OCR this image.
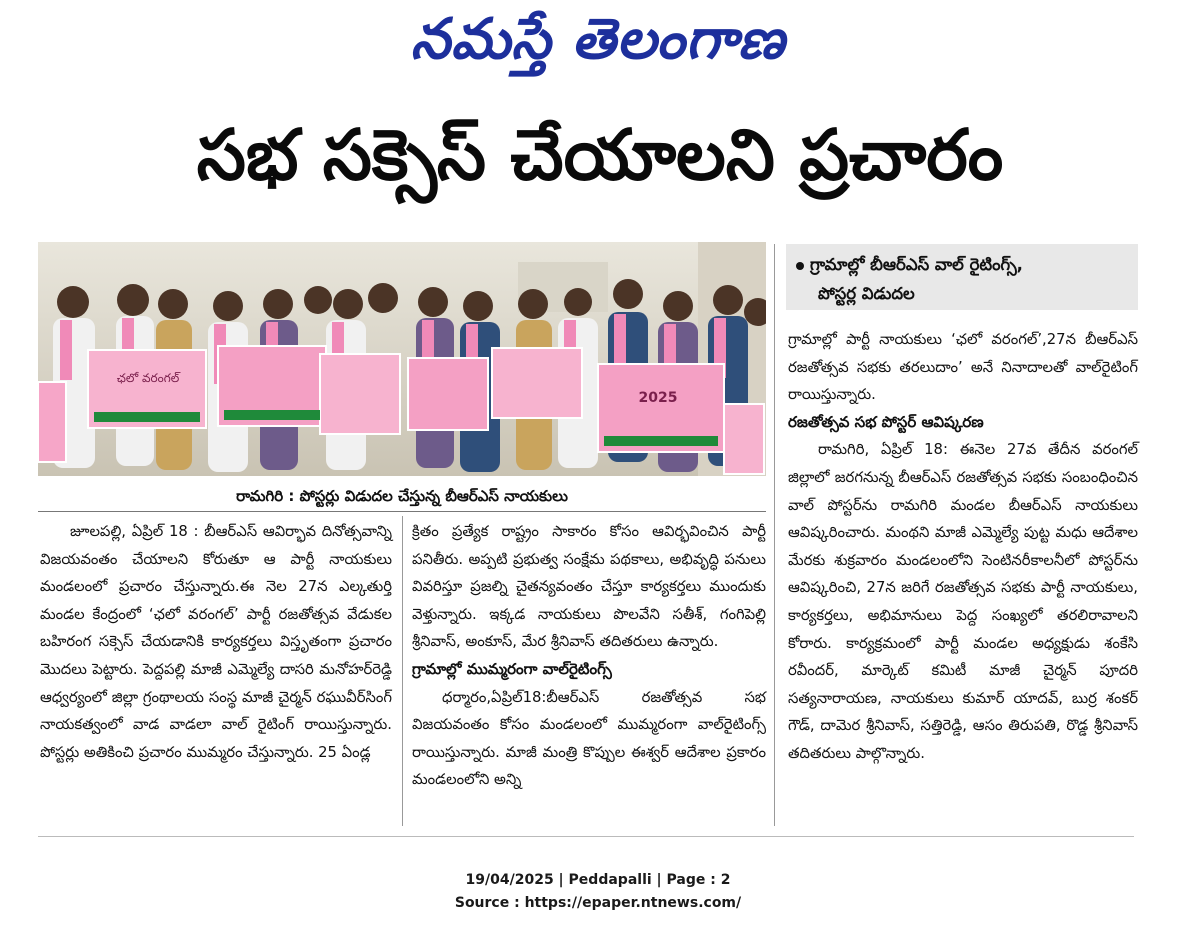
నమస్తే తెలంగాణ
సభ సక్సెస్ చేయాలని ప్రచారం
ఛలో వరంగల్
2025
రామగిరి : పోస్టర్లు విడుదల చేస్తున్న బీఆర్ఎస్ నాయకులు
గ్రామాల్లో బీఆర్ఎస్ వాల్ రైటింగ్స్,
పోస్టర్ల విడుదల

జూలపల్లి, ఏప్రిల్ 18 : బీఆర్ఎస్ ఆవిర్భావ దినోత్సవాన్ని విజయవంతం చేయాలని కోరుతూ ఆ పార్టీ నాయకులు మండలంలో ప్రచారం చేస్తున్నారు.ఈ నెల 27న ఎల్కతుర్తి మండల కేంద్రంలో ‘ఛలో వరంగల్’ పార్టీ రజతోత్సవ వేడుకల బహిరంగ సక్సెస్ చేయడానికి కార్యకర్తలు విస్తృతంగా ప్రచారం మొదలు పెట్టారు. పెద్దపల్లి మాజీ ఎమ్మెల్యే దాసరి మనోహర్‌రెడ్డి ఆధ్వర్యంలో జిల్లా గ్రంథాలయ సంస్థ మాజీ చైర్మన్ రఘువీర్‌సింగ్ నాయకత్వంలో వాడ వాడలా వాల్ రైటింగ్ రాయిస్తున్నారు. పోస్టర్లు అతికించి ప్రచారం ముమ్మరం చేస్తున్నారు. 25 ఏండ్ల

క్రితం ప్రత్యేక రాష్ట్రం సాకారం కోసం ఆవిర్భవించిన పార్టీ పనితీరు. అప్పటి ప్రభుత్వ సంక్షేమ పథకాలు, అభివృద్ధి పనులు వివరిస్తూ ప్రజల్ని చైతన్యవంతం చేస్తూ కార్యకర్తలు ముందుకు వెళ్తున్నారు. ఇక్కడ నాయకులు పొలవేని సతీశ్, గంగిపెల్లి శ్రీనివాస్, అంకూస్, మేర శ్రీనివాస్ తదితరులు ఉన్నారు.

గ్రామాల్లో ముమ్మరంగా వాల్‌రైటింగ్స్

ధర్మారం,ఏప్రిల్18:బీఆర్ఎస్ రజతోత్సవ సభ విజయవంతం కోసం మండలంలో ముమ్మరంగా వాల్‌రైటింగ్స్ రాయిస్తున్నారు. మాజీ మంత్రి కొప్పుల ఈశ్వర్ ఆదేశాల ప్రకారం మండలంలోని అన్ని

గ్రామాల్లో పార్టీ నాయకులు ‘ఛలో వరంగల్’,27న బీఆర్ఎస్ రజతోత్సవ సభకు తరలుదాం’ అనే నినాదాలతో వాల్‌రైటింగ్ రాయిస్తున్నారు.

రజతోత్సవ సభ పోస్టర్ ఆవిష్కరణ

రామగిరి, ఏప్రిల్ 18: ఈనెల 27వ తేదీన వరంగల్ జిల్లాలో జరగనున్న బీఆర్ఎస్ రజతోత్సవ సభకు సంబంధించిన వాల్ పోస్టర్‌ను రామగిరి మండల బీఆర్ఎస్ నాయకులు ఆవిష్కరించారు. మంథని మాజీ ఎమ్మెల్యే పుట్ట మధు ఆదేశాల మేరకు శుక్రవారం మండలంలోని సెంటినరీకాలనీలో పోస్టర్‌ను ఆవిష్కరించి, 27న జరిగే రజతోత్సవ సభకు పార్టీ నాయకులు, కార్యకర్తలు, అభిమానులు పెద్ద సంఖ్యలో తరలిరావాలని కోరారు. కార్యక్రమంలో పార్టీ మండల అధ్యక్షుడు శంకేసి రవీందర్, మార్కెట్ కమిటీ మాజీ చైర్మన్ పూదరి సత్యనారాయణ, నాయకులు కుమార్ యాదవ్, బుర్ర శంకర్ గౌడ్, దామెర శ్రీనివాస్, సత్తిరెడ్డి, ఆసం తిరుపతి, రొడ్డ శ్రీనివాస్ తదితరులు పాల్గొన్నారు.

19/04/2025 | Peddapalli | Page : 2
Source : https://epaper.ntnews.com/
